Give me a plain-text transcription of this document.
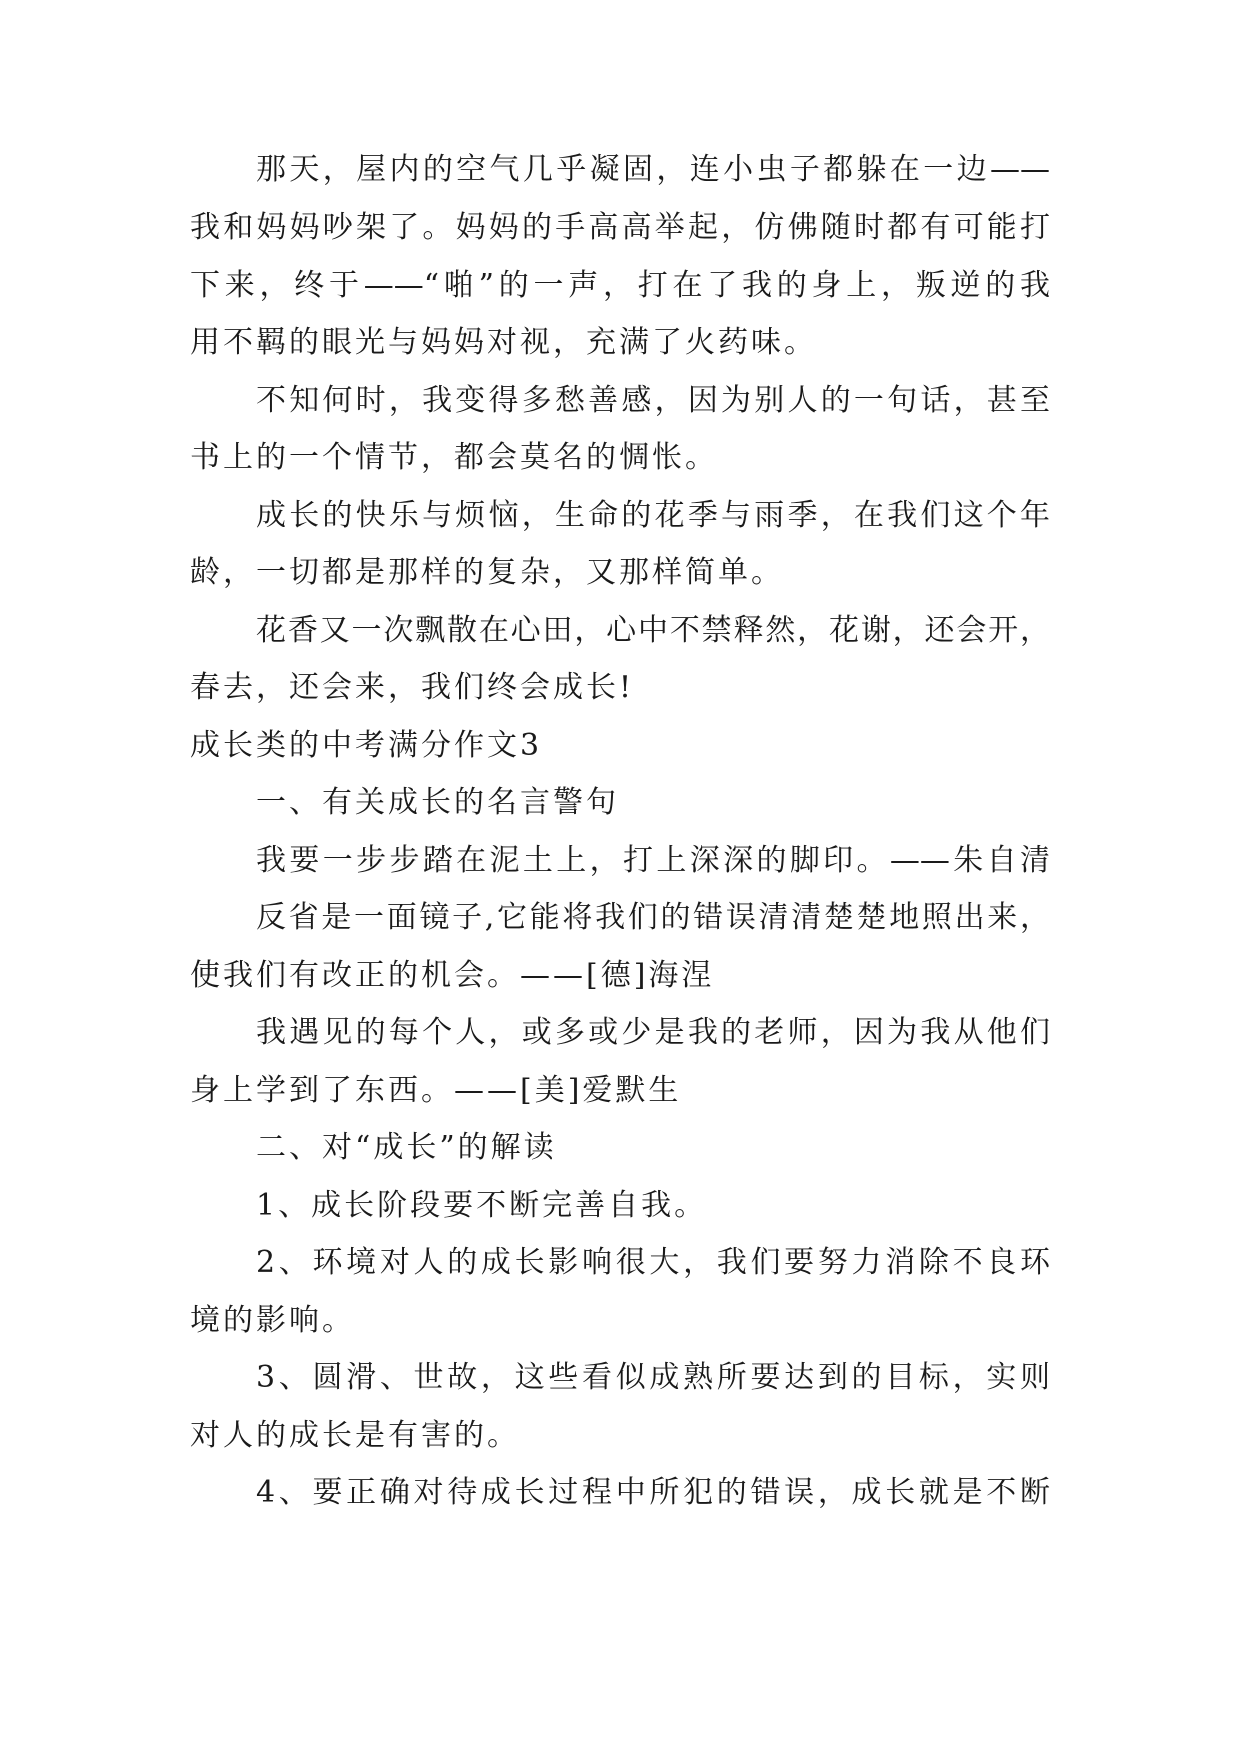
那天，屋内的空气几乎凝固，连小虫子都躲在一边——
我和妈妈吵架了。妈妈的手高高举起，仿佛随时都有可能打
下来，终于——“啪”的一声，打在了我的身上，叛逆的我
用不羁的眼光与妈妈对视，充满了火药味。
不知何时，我变得多愁善感，因为别人的一句话，甚至
书上的一个情节，都会莫名的惆怅。
成长的快乐与烦恼，生命的花季与雨季，在我们这个年
龄，一切都是那样的复杂，又那样简单。
花香又一次飘散在心田，心中不禁释然，花谢，还会开，
春去，还会来，我们终会成长!
成长类的中考满分作文3
一、有关成长的名言警句
我要一步步踏在泥土上，打上深深的脚印。——朱自清
反省是一面镜子,它能将我们的错误清清楚楚地照出来，
使我们有改正的机会。——[德]海涅
我遇见的每个人，或多或少是我的老师，因为我从他们
身上学到了东西。——[美]爱默生
二、对“成长”的解读
1、成长阶段要不断完善自我。
2、环境对人的成长影响很大，我们要努力消除不良环
境的影响。
3、圆滑、世故，这些看似成熟所要达到的目标，实则
对人的成长是有害的。
4、要正确对待成长过程中所犯的错误，成长就是不断
